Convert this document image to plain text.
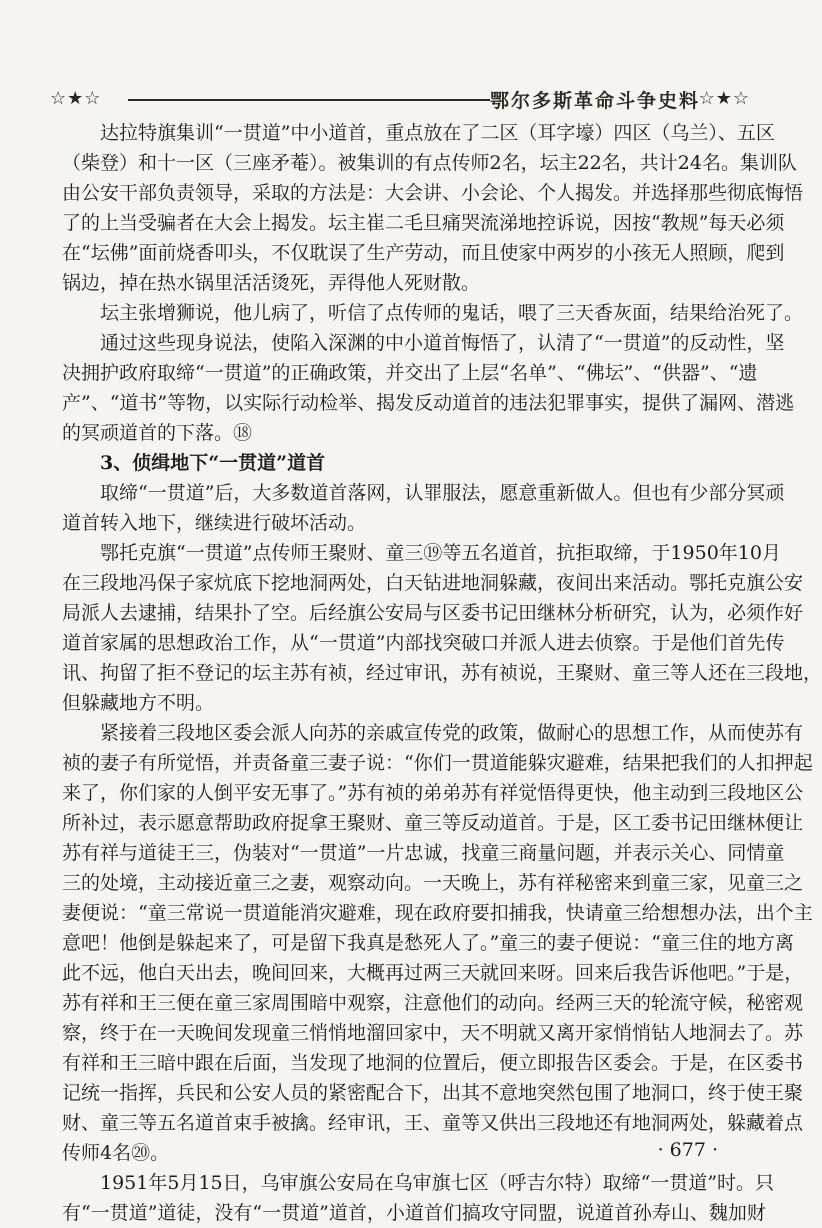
☆★☆	鄂尔多斯革命斗争史料
☆★☆
达拉特旗集训“一贯道”中小道首，重点放在了二区（耳字壕）四区（乌兰）、五区
（柴登）和十一区（三座矛菴）。被集训的有点传师2名，坛主22名，共计24名。集训队
由公安干部负责领导，采取的方法是：大会讲、小会论、个人揭发。并选择那些彻底悔悟
了的上当受骗者在大会上揭发。坛主崔二毛旦痛哭流涕地控诉说，因按“教规”每天必须
在“坛佛”面前烧香叩头，不仅耽误了生产劳动，而且使家中两岁的小孩无人照顾，爬到
锅边，掉在热水锅里活活烫死，弄得他人死财散。
坛主张增狮说，他儿病了，听信了点传师的鬼话，喂了三天香灰面，结果给治死了。
通过这些现身说法，使陷入深渊的中小道首悔悟了，认清了“一贯道”的反动性，坚
决拥护政府取缔“一贯道”的正确政策，并交出了上层“名单”、“佛坛”、“供器”、“遗
产”、“道书”等物，以实际行动检举、揭发反动道首的违法犯罪事实，提供了漏网、潜逃
的冥顽道首的下落。⑱
3、侦缉地下“一贯道”道首
取缔“一贯道”后，大多数道首落网，认罪服法，愿意重新做人。但也有少部分冥顽
道首转入地下，继续进行破坏活动。
鄂托克旗“一贯道”点传师王聚财、童三⑲等五名道首，抗拒取缔，于1950年10月
在三段地冯保子家炕底下挖地洞两处，白天钻进地洞躲藏，夜间出来活动。鄂托克旗公安
局派人去逮捕，结果扑了空。后经旗公安局与区委书记田继林分析研究，认为，必须作好
道首家属的思想政治工作，从“一贯道”内部找突破口并派人进去侦察。于是他们首先传
讯、拘留了拒不登记的坛主苏有祯，经过审讯，苏有祯说，王聚财、童三等人还在三段地，
但躲藏地方不明。
紧接着三段地区委会派人向苏的亲戚宣传党的政策，做耐心的思想工作，从而使苏有
祯的妻子有所觉悟，并责备童三妻子说：“你们一贯道能躲灾避难，结果把我们的人扣押起
来了，你们家的人倒平安无事了。”苏有祯的弟弟苏有祥觉悟得更快，他主动到三段地区公
所补过，表示愿意帮助政府捉拿王聚财、童三等反动道首。于是，区工委书记田继林便让
苏有祥与道徒王三，伪装对“一贯道”一片忠诚，找童三商量问题，并表示关心、同情童
三的处境，主动接近童三之妻，观察动向。一天晚上，苏有祥秘密来到童三家，见童三之
妻便说：“童三常说一贯道能消灾避难，现在政府要扣捕我，快请童三给想想办法，出个主
意吧！他倒是躲起来了，可是留下我真是愁死人了。”童三的妻子便说：“童三住的地方离
此不远，他白天出去，晚间回来，大概再过两三天就回来呀。回来后我告诉他吧。”于是，
苏有祥和王三便在童三家周围暗中观察，注意他们的动向。经两三天的轮流守候，秘密观
察，终于在一天晚间发现童三悄悄地溜回家中，天不明就又离开家悄悄钻人地洞去了。苏
有祥和王三暗中跟在后面，当发现了地洞的位置后，便立即报告区委会。于是，在区委书
记统一指挥，兵民和公安人员的紧密配合下，出其不意地突然包围了地洞口，终于使王聚
财、童三等五名道首束手被擒。经审讯，王、童等又供出三段地还有地洞两处，躲藏着点
传师4名⑳。
1951年5月15日，乌审旗公安局在乌审旗七区（呼吉尔特）取缔“一贯道”时。只
有“一贯道”道徒，没有“一贯道”道首，小道首们搞攻守同盟，说道首孙寿山、魏加财
· 677 ·
